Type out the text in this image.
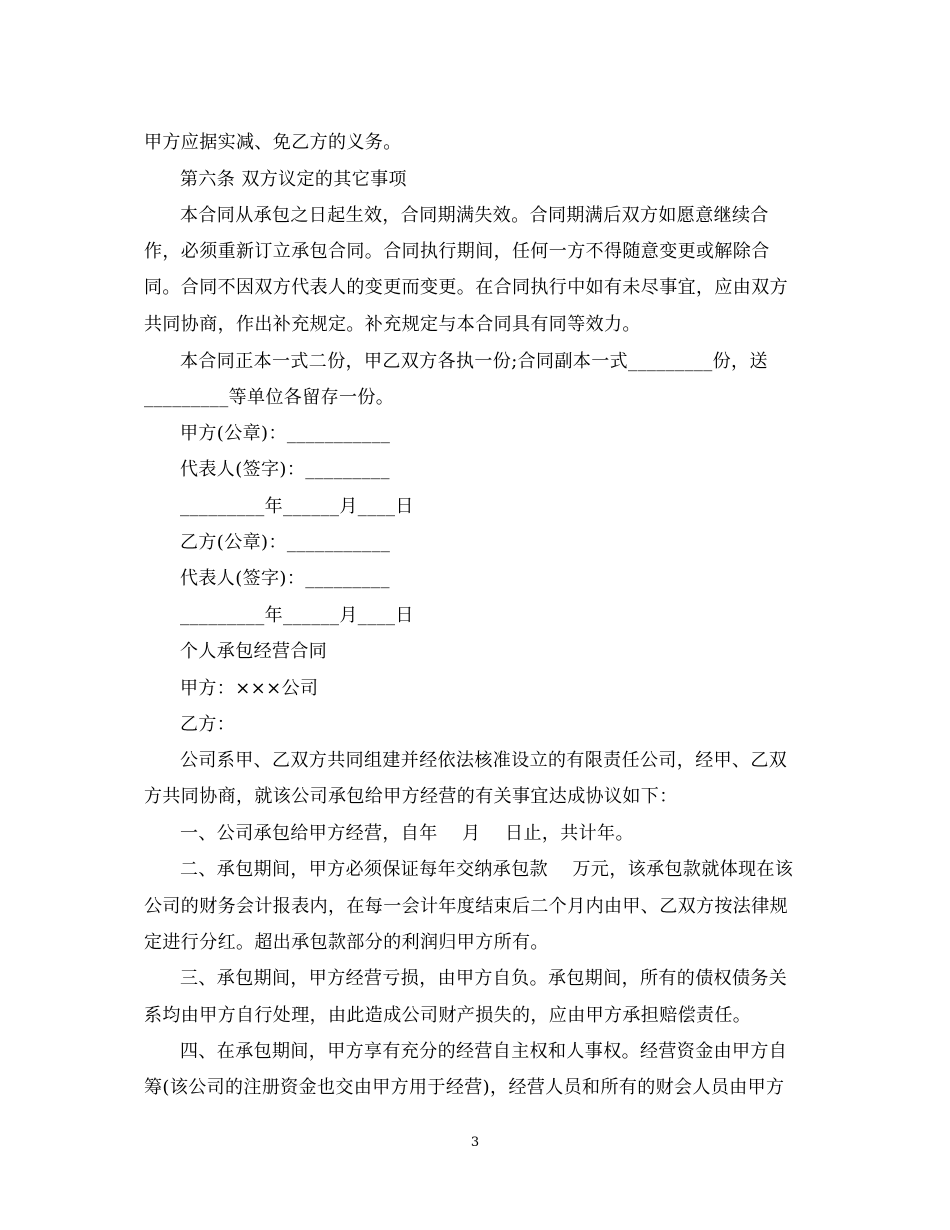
甲方应据实减、免乙方的义务。
第六条 双方议定的其它事项
本合同从承包之日起生效，合同期满失效。合同期满后双方如愿意继续合
作，必须重新订立承包合同。合同执行期间，任何一方不得随意变更或解除合
同。合同不因双方代表人的变更而变更。在合同执行中如有未尽事宜，应由双方
共同协商，作出补充规定。补充规定与本合同具有同等效力。
本合同正本一式二份，甲乙双方各执一份;合同副本一式_________份，送
_________等单位各留存一份。
甲方(公章)：___________
代表人(签字)：_________
_________年______月____日
乙方(公章)：___________
代表人(签字)：_________
_________年______月____日
个人承包经营合同
甲方：×××公司
乙方：
公司系甲、乙双方共同组建并经依法核准设立的有限责任公司，经甲、乙双
方共同协商，就该公司承包给甲方经营的有关事宜达成协议如下：
一、公司承包给甲方经营，自年　 月　 日止，共计年。
二、承包期间，甲方必须保证每年交纳承包款　 万元，该承包款就体现在该
公司的财务会计报表内，在每一会计年度结束后二个月内由甲、乙双方按法律规
定进行分红。超出承包款部分的利润归甲方所有。
三、承包期间，甲方经营亏损，由甲方自负。承包期间，所有的债权债务关
系均由甲方自行处理，由此造成公司财产损失的，应由甲方承担赔偿责任。
四、在承包期间，甲方享有充分的经营自主权和人事权。经营资金由甲方自
筹(该公司的注册资金也交由甲方用于经营)，经营人员和所有的财会人员由甲方
3
